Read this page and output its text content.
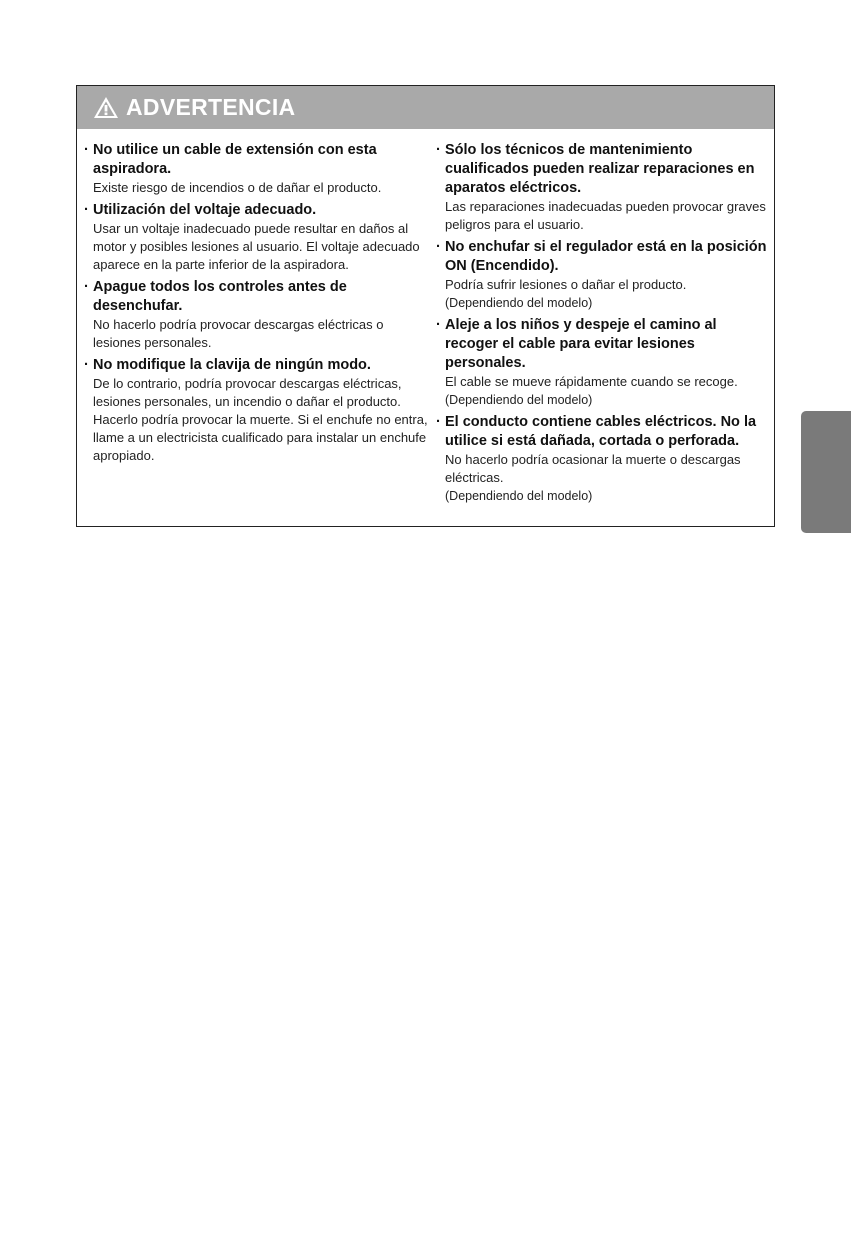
ADVERTENCIA
· No utilice un cable de extensión con esta aspiradora.
Existe riesgo de incendios o de dañar el producto.
· Utilización del voltaje adecuado.
Usar un voltaje inadecuado puede resultar en daños al motor y posibles lesiones al usuario. El voltaje adecuado aparece en la parte inferior de la aspiradora.
· Apague todos los controles antes de desenchufar.
No hacerlo podría provocar descargas eléctricas o lesiones personales.
· No modifique la clavija de ningún modo.
De lo contrario, podría provocar descargas eléctricas, lesiones personales, un incendio o dañar el producto. Hacerlo podría provocar la muerte. Si el enchufe no entra, llame a un electricista cualificado para instalar un enchufe apropiado.
· Sólo los técnicos de mantenimiento cualificados pueden realizar reparaciones en aparatos eléctricos.
Las reparaciones inadecuadas pueden provocar graves peligros para el usuario.
· No enchufar si el regulador está en la posición ON (Encendido).
Podría sufrir lesiones o dañar el producto.
(Dependiendo del modelo)
· Aleje a los niños y despeje el camino al recoger el cable para evitar lesiones personales.
El cable se mueve rápidamente cuando se recoge.
(Dependiendo del modelo)
· El conducto contiene cables eléctricos. No la utilice si está dañada, cortada o perforada.
No hacerlo podría ocasionar la muerte o descargas eléctricas.
(Dependiendo del modelo)
